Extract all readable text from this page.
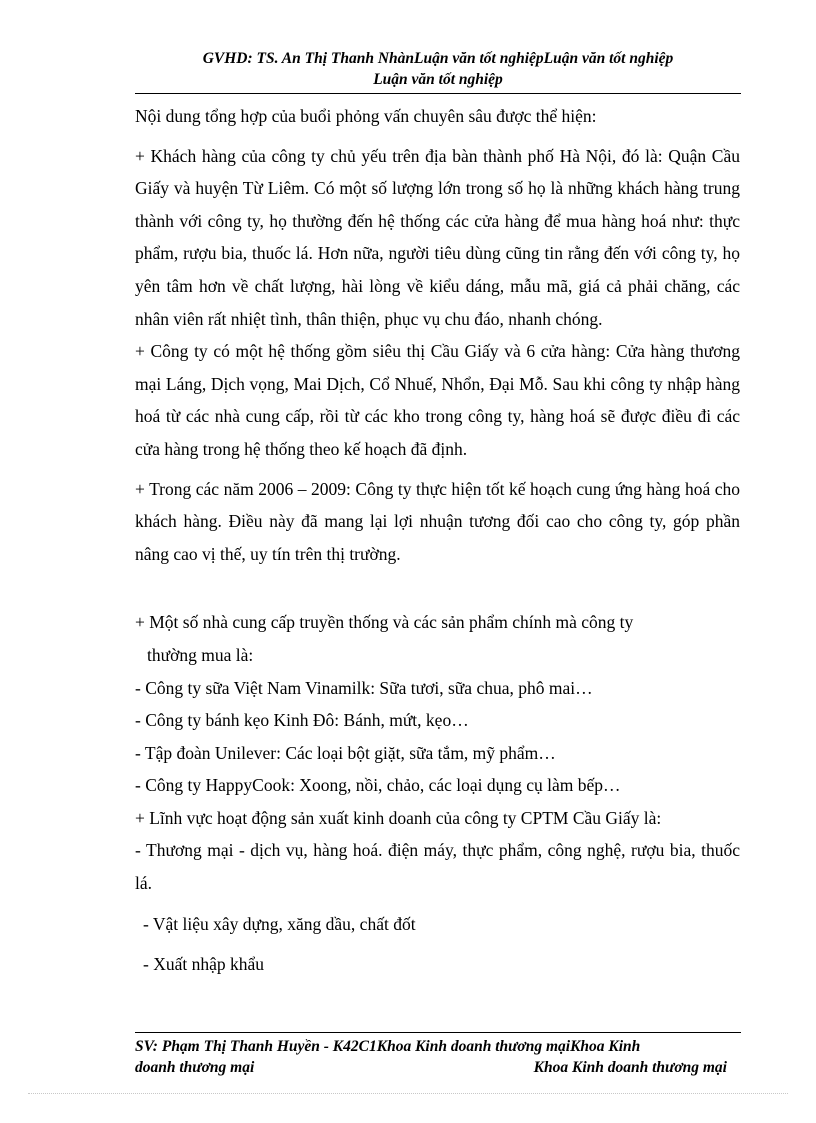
GVHD: TS. An Thị Thanh NhànLuận văn tốt nghiệpLuận văn tốt nghiệp
Luận văn tốt nghiệp

Nội dung tổng hợp của buổi phỏng vấn chuyên sâu được thể hiện:

+ Khách hàng của công ty chủ yếu trên địa bàn thành phố Hà Nội, đó là: Quận Cầu Giấy và huyện Từ Liêm. Có một số lượng lớn trong số họ là những khách hàng trung thành với công ty, họ thường đến hệ thống các cửa hàng để mua hàng hoá như: thực phẩm, rượu bia, thuốc lá. Hơn nữa, người tiêu dùng cũng tin rằng đến với công ty, họ yên tâm hơn về chất lượng, hài lòng về kiểu dáng, mẫu mã, giá cả phải chăng, các nhân viên rất nhiệt tình, thân thiện, phục vụ chu đáo, nhanh chóng.

+ Công ty có một hệ thống gồm siêu thị Cầu Giấy và 6 cửa hàng: Cửa hàng thương mại Láng, Dịch vọng, Mai Dịch, Cổ Nhuế, Nhổn, Đại Mỗ. Sau khi công ty nhập hàng hoá từ các nhà cung cấp, rồi từ các kho trong công ty, hàng hoá sẽ được điều đi các cửa hàng trong hệ thống theo kế hoạch đã định.

+ Trong các năm 2006 – 2009: Công ty thực hiện tốt kế hoạch cung ứng hàng hoá cho khách hàng. Điều này đã mang lại lợi nhuận tương đối cao cho công ty, góp phần nâng cao vị thế, uy tín trên thị trường.

+ Một số nhà cung cấp truyền thống và các sản phẩm chính mà công ty
thường mua là:

- Công ty sữa Việt Nam Vinamilk: Sữa tươi, sữa chua, phô mai…

- Công ty bánh kẹo Kinh Đô: Bánh, mứt, kẹo…

- Tập đoàn Unilever: Các loại bột giặt, sữa tắm, mỹ phẩm…

- Công ty HappyCook: Xoong, nồi, chảo, các loại dụng cụ làm bếp…

+ Lĩnh vực hoạt động sản xuất kinh doanh của công ty CPTM Cầu Giấy là:

- Thương mại - dịch vụ, hàng hoá. điện máy, thực phẩm, công nghệ, rượu bia, thuốc lá.

- Vật liệu xây dựng, xăng dầu, chất đốt

- Xuất nhập khẩu

SV: Phạm Thị Thanh Huyền - K42C1Khoa Kinh doanh thương mạiKhoa Kinh
doanh thương mại	Khoa Kinh doanh thương mại
